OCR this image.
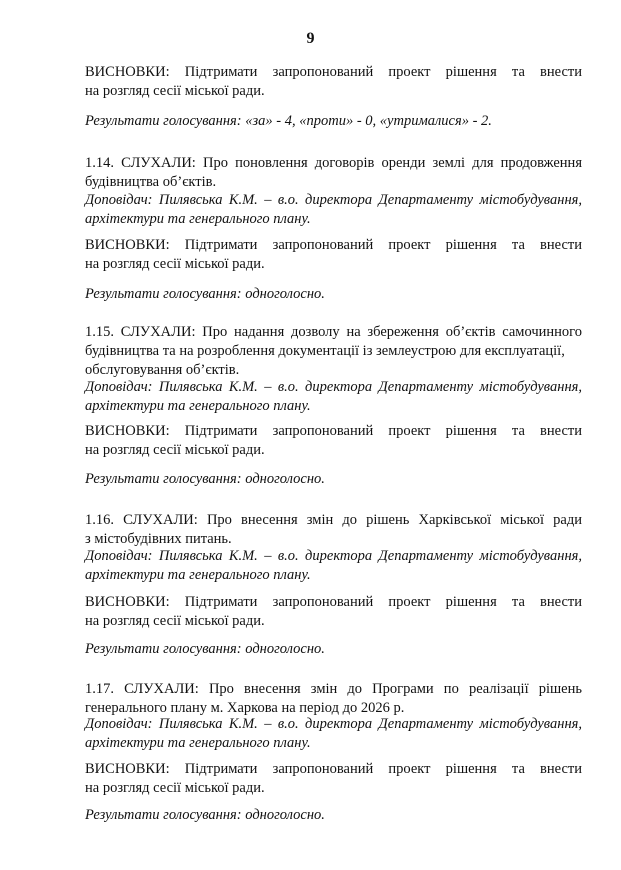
9
ВИСНОВКИ: Підтримати запропонований проект рішення та внести
на розгляд сесії міської ради.
Результати голосування: «за» - 4, «проти» - 0, «утрималися» - 2.
1.14. СЛУХАЛИ: Про поновлення договорів оренди землі для продовження
будівництва об’єктів.
Доповідач: Пилявська К.М. – в.о. директора Департаменту містобудування,
архітектури та генерального плану.
ВИСНОВКИ: Підтримати запропонований проект рішення та внести
на розгляд сесії міської ради.
Результати голосування: одноголосно.
1.15. СЛУХАЛИ: Про надання дозволу на збереження об’єктів самочинного
будівництва та на розроблення документації із землеустрою для експлуатації,
обслуговування об’єктів.
Доповідач: Пилявська К.М. – в.о. директора Департаменту містобудування,
архітектури та генерального плану.
ВИСНОВКИ: Підтримати запропонований проект рішення та внести
на розгляд сесії міської ради.
Результати голосування: одноголосно.
1.16. СЛУХАЛИ: Про внесення змін до рішень Харківської міської ради
з містобудівних питань.
Доповідач: Пилявська К.М. – в.о. директора Департаменту містобудування,
архітектури та генерального плану.
ВИСНОВКИ: Підтримати запропонований проект рішення та внести
на розгляд сесії міської ради.
Результати голосування: одноголосно.
1.17. СЛУХАЛИ: Про внесення змін до Програми по реалізації рішень
генерального плану м. Харкова на період до 2026 р.
Доповідач: Пилявська К.М. – в.о. директора Департаменту містобудування,
архітектури та генерального плану.
ВИСНОВКИ: Підтримати запропонований проект рішення та внести
на розгляд сесії міської ради.
Результати голосування: одноголосно.
